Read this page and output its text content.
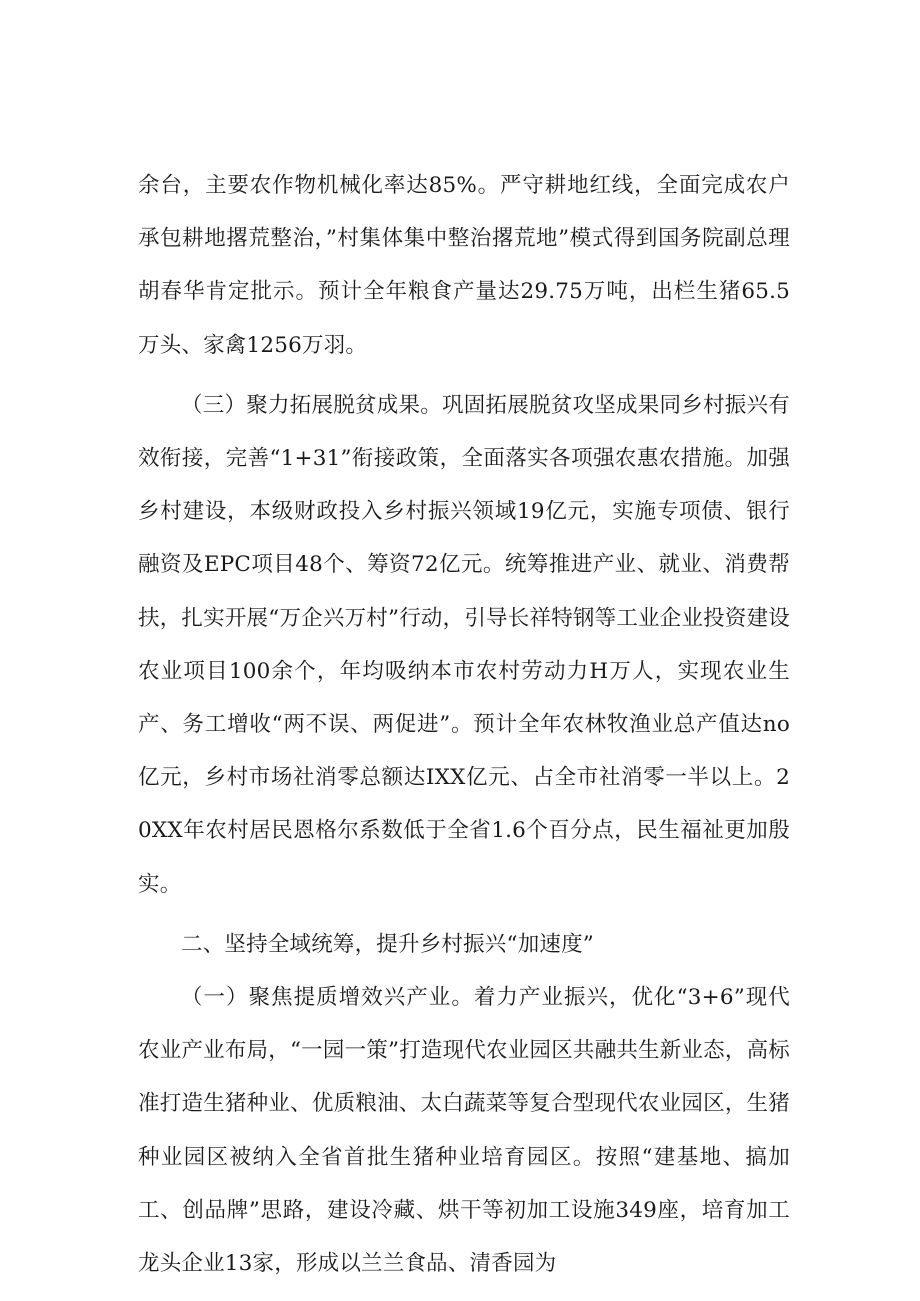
余台，主要农作物机械化率达85%。严守耕地红线，全面完成农户承包耕地撂荒整治，”村集体集中整治撂荒地”模式得到国务院副总理胡春华肯定批示。预计全年粮食产量达29.75万吨，出栏生猪65.5万头、家禽1256万羽。

（三）聚力拓展脱贫成果。巩固拓展脱贫攻坚成果同乡村振兴有效衔接，完善“1+31”衔接政策，全面落实各项强农惠农措施。加强乡村建设，本级财政投入乡村振兴领域19亿元，实施专项债、银行融资及EPC项目48个、筹资72亿元。统筹推进产业、就业、消费帮扶，扎实开展“万企兴万村”行动，引导长祥特钢等工业企业投资建设农业项目100余个，年均吸纳本市农村劳动力H万人，实现农业生产、务工增收“两不误、两促进”。预计全年农林牧渔业总产值达no亿元，乡村市场社消零总额达IXX亿元、占全市社消零一半以上。20XX年农村居民恩格尔系数低于全省1.6个百分点，民生福祉更加殷实。

二、坚持全域统筹，提升乡村振兴“加速度”

（一）聚焦提质增效兴产业。着力产业振兴，优化“3+6”现代农业产业布局，“一园一策”打造现代农业园区共融共生新业态，高标准打造生猪种业、优质粮油、太白蔬菜等复合型现代农业园区，生猪种业园区被纳入全省首批生猪种业培育园区。按照“建基地、搞加工、创品牌”思路，建设冷藏、烘干等初加工设施349座，培育加工龙头企业13家，形成以兰兰食品、清香园为
